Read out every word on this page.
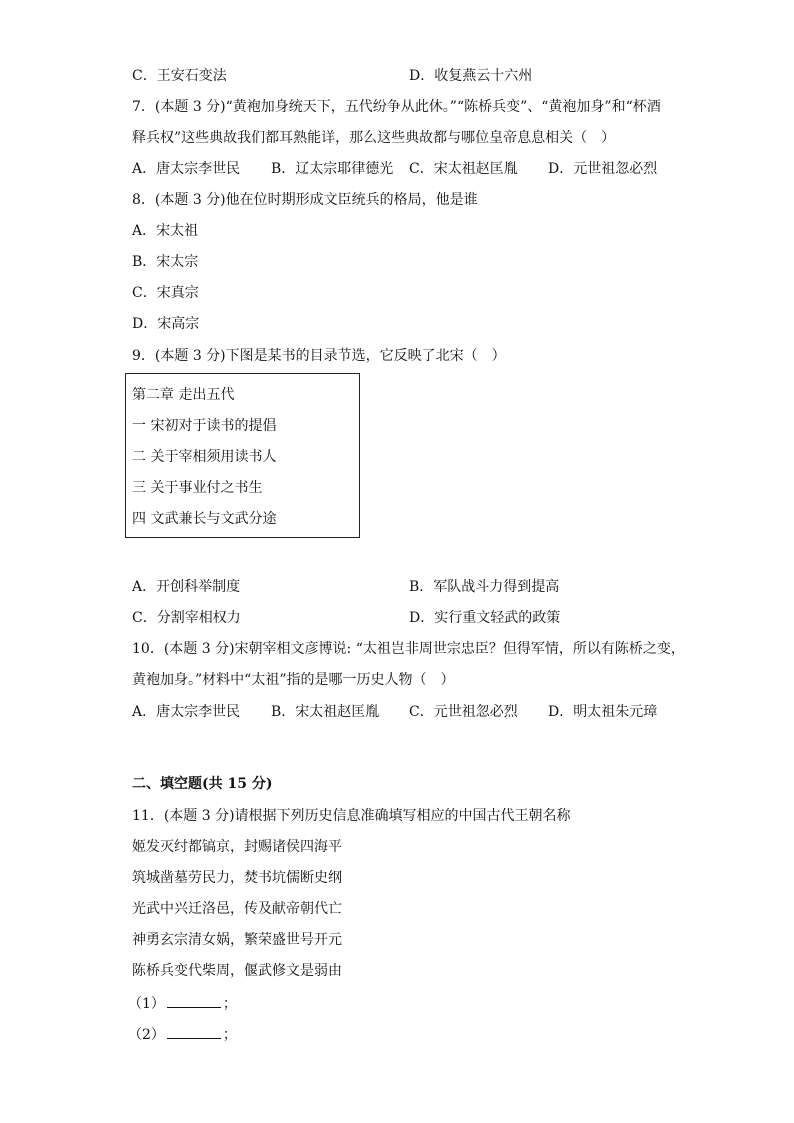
C．王安石变法	D．收复燕云十六州
7．(本题 3 分)“黄袍加身统天下，五代纷争从此休。”“陈桥兵变”、“黄袍加身”和“杯酒
释兵权”这些典故我们都耳熟能详，那么这些典故都与哪位皇帝息息相关（　）
A．唐太宗李世民 B．辽太宗耶律德光 C．宋太祖赵匡胤 D．元世祖忽必烈
8．(本题 3 分)他在位时期形成文臣统兵的格局，他是谁
A．宋太祖
B．宋太宗
C．宋真宗
D．宋高宗
9．(本题 3 分)下图是某书的目录节选，它反映了北宋（　）
第二章 走出五代
一 宋初对于读书的提倡
二 关于宰相须用读书人
三 关于事业付之书生
四 文武兼长与文武分途
A．开创科举制度	B．军队战斗力得到提高
C．分割宰相权力	D．实行重文轻武的政策
10．(本题 3 分)宋朝宰相文彦博说: “太祖岂非周世宗忠臣？但得军情，所以有陈桥之变，
黄袍加身。”材料中“太祖”指的是哪一历史人物（　）
A．唐太宗李世民 B．宋太祖赵匡胤 C．元世祖忽必烈 D．明太祖朱元璋
二、填空题(共 15 分)
11．(本题 3 分)请根据下列历史信息准确填写相应的中国古代王朝名称
姬发灭纣都镐京，封赐诸侯四海平
筑城凿墓劳民力，焚书坑儒断史纲
光武中兴迁洛邑，传及献帝朝代亡
神勇玄宗清女娲，繁荣盛世号开元
陈桥兵变代柴周，偃武修文是弱由
（1）	；
（2）	；
